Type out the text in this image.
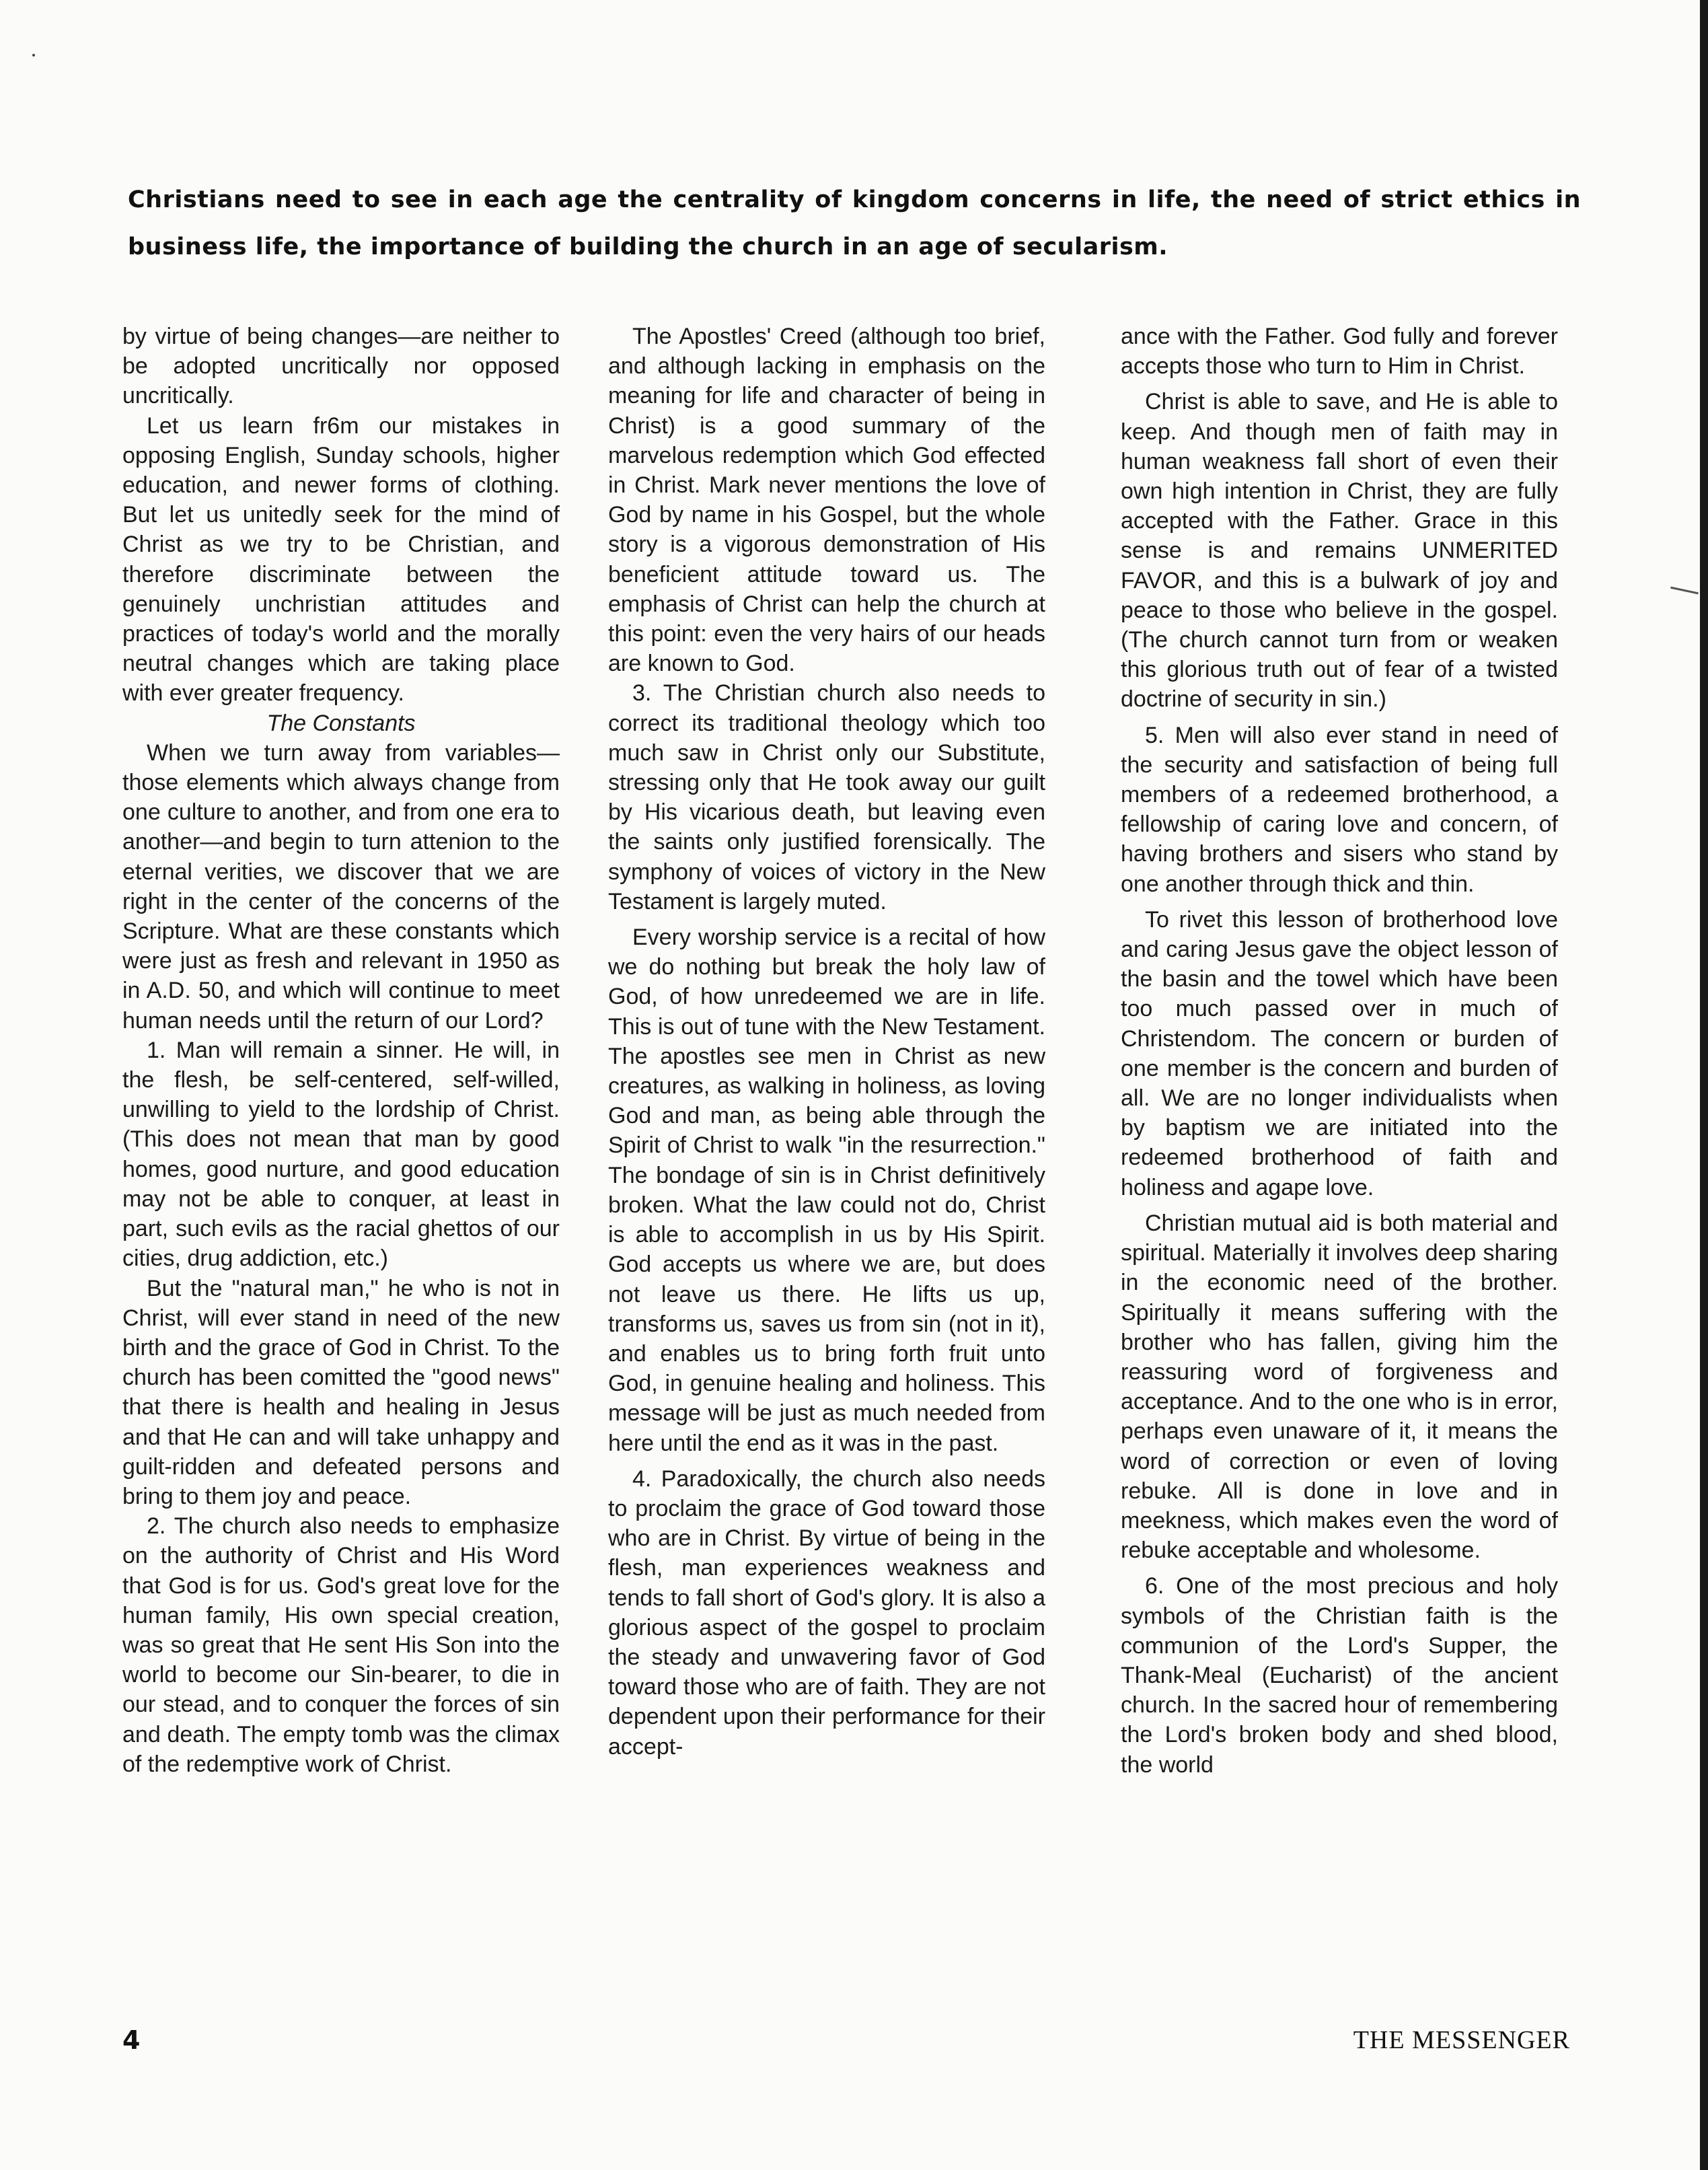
Christians need to see in each age the centrality of kingdom concerns in life, the need of strict ethics in business life, the importance of building the church in an age of secularism.

by virtue of being changes—are neither to be adopted uncritically nor opposed uncritically.

Let us learn fr6m our mistakes in opposing English, Sunday schools, higher education, and newer forms of clothing. But let us unitedly seek for the mind of Christ as we try to be Christian, and therefore discriminate between the genuinely unchristian attitudes and practices of today's world and the morally neutral changes which are taking place with ever greater frequency.

The Constants

When we turn away from variables—those elements which always change from one culture to another, and from one era to another—and begin to turn attenion to the eternal verities, we discover that we are right in the center of the concerns of the Scripture. What are these constants which were just as fresh and relevant in 1950 as in A.D. 50, and which will continue to meet human needs until the return of our Lord?

1. Man will remain a sinner. He will, in the flesh, be self-centered, self-willed, unwilling to yield to the lordship of Christ. (This does not mean that man by good homes, good nurture, and good education may not be able to conquer, at least in part, such evils as the racial ghettos of our cities, drug addiction, etc.)

But the "natural man," he who is not in Christ, will ever stand in need of the new birth and the grace of God in Christ. To the church has been comitted the "good news" that there is health and healing in Jesus and that He can and will take unhappy and guilt-ridden and defeated persons and bring to them joy and peace.

2. The church also needs to emphasize on the authority of Christ and His Word that God is for us. God's great love for the human family, His own special creation, was so great that He sent His Son into the world to become our Sin-bearer, to die in our stead, and to conquer the forces of sin and death. The empty tomb was the climax of the redemptive work of Christ.

The Apostles' Creed (although too brief, and although lacking in emphasis on the meaning for life and character of being in Christ) is a good summary of the marvelous redemption which God effected in Christ. Mark never mentions the love of God by name in his Gospel, but the whole story is a vigorous demonstration of His beneficient attitude toward us. The emphasis of Christ can help the church at this point: even the very hairs of our heads are known to God.

3. The Christian church also needs to correct its traditional theology which too much saw in Christ only our Substitute, stressing only that He took away our guilt by His vicarious death, but leaving even the saints only justified forensically. The symphony of voices of victory in the New Testament is largely muted.

Every worship service is a recital of how we do nothing but break the holy law of God, of how unredeemed we are in life. This is out of tune with the New Testament. The apostles see men in Christ as new creatures, as walking in holiness, as loving God and man, as being able through the Spirit of Christ to walk "in the resurrection." The bondage of sin is in Christ definitively broken. What the law could not do, Christ is able to accomplish in us by His Spirit. God accepts us where we are, but does not leave us there. He lifts us up, transforms us, saves us from sin (not in it), and enables us to bring forth fruit unto God, in genuine healing and holiness. This message will be just as much needed from here until the end as it was in the past.

4. Paradoxically, the church also needs to proclaim the grace of God toward those who are in Christ. By virtue of being in the flesh, man experiences weakness and tends to fall short of God's glory. It is also a glorious aspect of the gospel to proclaim the steady and unwavering favor of God toward those who are of faith. They are not dependent upon their performance for their accept-

ance with the Father. God fully and forever accepts those who turn to Him in Christ.

Christ is able to save, and He is able to keep. And though men of faith may in human weakness fall short of even their own high intention in Christ, they are fully accepted with the Father. Grace in this sense is and remains UNMERITED FAVOR, and this is a bulwark of joy and peace to those who believe in the gospel. (The church cannot turn from or weaken this glorious truth out of fear of a twisted doctrine of security in sin.)

5. Men will also ever stand in need of the security and satisfaction of being full members of a redeemed brotherhood, a fellowship of caring love and concern, of having brothers and sisers who stand by one another through thick and thin.

To rivet this lesson of brotherhood love and caring Jesus gave the object lesson of the basin and the towel which have been too much passed over in much of Christendom. The concern or burden of one member is the concern and burden of all. We are no longer individualists when by baptism we are initiated into the redeemed brotherhood of faith and holiness and agape love.

Christian mutual aid is both material and spiritual. Materially it involves deep sharing in the economic need of the brother. Spiritually it means suffering with the brother who has fallen, giving him the reassuring word of forgiveness and acceptance. And to the one who is in error, perhaps even unaware of it, it means the word of correction or even of loving rebuke. All is done in love and in meekness, which makes even the word of rebuke acceptable and wholesome.

6. One of the most precious and holy symbols of the Christian faith is the communion of the Lord's Supper, the Thank-Meal (Eucharist) of the ancient church. In the sacred hour of remembering the Lord's broken body and shed blood, the world

4	THE MESSENGER
